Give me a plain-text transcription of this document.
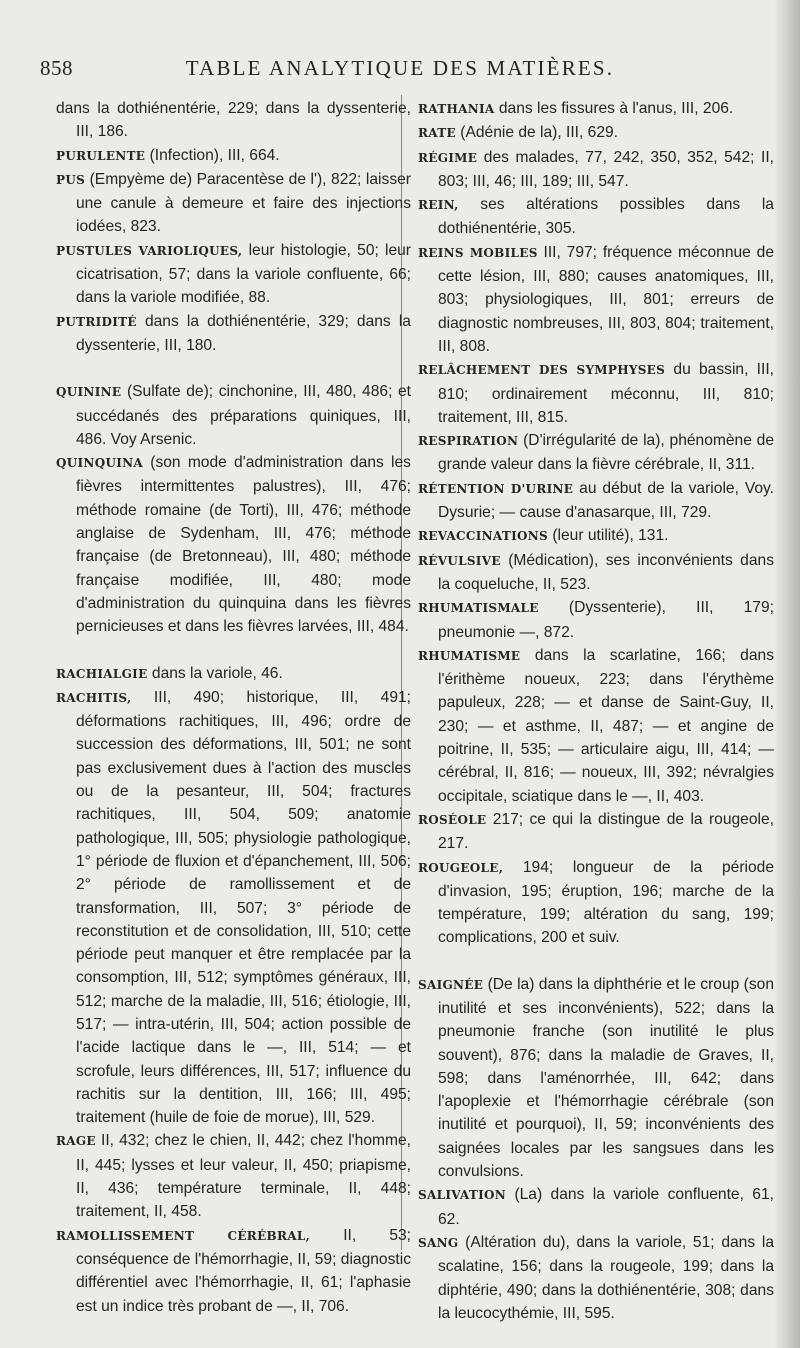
858	TABLE ANALYTIQUE DES MATIÈRES.

dans la dothiénentérie, 229; dans la dyssenterie, III, 186.

PURULENTE (Infection), III, 664.

PUS (Empyème de) Paracentèse de l'), 822; laisser une canule à demeure et faire des injections iodées, 823.

PUSTULES VARIOLIQUES, leur histologie, 50; leur cicatrisation, 57; dans la variole confluente, 66; dans la variole modifiée, 88.

PUTRIDITÉ dans la dothiénentérie, 329; dans la dyssenterie, III, 180.

QUININE (Sulfate de); cinchonine, III, 480, 486; et succédanés des préparations quiniques, III, 486. Voy Arsenic.

QUINQUINA (son mode d'administration dans les fièvres intermittentes palustres), III, 476; méthode romaine (de Torti), III, 476; méthode anglaise de Sydenham, III, 476; méthode française (de Bretonneau), III, 480; méthode française modifiée, III, 480; mode d'administration du quinquina dans les fièvres pernicieuses et dans les fièvres larvées, III, 484.

RACHIALGIE dans la variole, 46.

RACHITIS, III, 490; historique, III, 491; déformations rachitiques, III, 496; ordre de succession des déformations, III, 501; ne sont pas exclusivement dues à l'action des muscles ou de la pesanteur, III, 504; fractures rachitiques, III, 504, 509; anatomie pathologique, III, 505; physiologie pathologique, 1° période de fluxion et d'épanchement, III, 506; 2° période de ramollissement et de transformation, III, 507; 3° période de reconstitution et de consolidation, III, 510; cette période peut manquer et être remplacée par la consomption, III, 512; symptômes généraux, III, 512; marche de la maladie, III, 516; étiologie, III, 517; — intra-utérin, III, 504; action possible de l'acide lactique dans le —, III, 514; — et scrofule, leurs différences, III, 517; influence du rachitis sur la dentition, III, 166; III, 495; traitement (huile de foie de morue), III, 529.

RAGE II, 432; chez le chien, II, 442; chez l'homme, II, 445; lysses et leur valeur, II, 450; priapisme, II, 436; température terminale, II, 448; traitement, II, 458.

RAMOLLISSEMENT CÉRÉBRAL, II, 53; conséquence de l'hémorrhagie, II, 59; diagnostic différentiel avec l'hémorrhagie, II, 61; l'aphasie est un indice très probant de —, II, 706.

RATHANIA dans les fissures à l'anus, III, 206.

RATE (Adénie de la), III, 629.

RÉGIME des malades, 77, 242, 350, 352, 542; II, 803; III, 46; III, 189; III, 547.

REIN, ses altérations possibles dans la dothiénentérie, 305.

REINS MOBILES III, 797; fréquence méconnue de cette lésion, III, 880; causes anatomiques, III, 803; physiologiques, III, 801; erreurs de diagnostic nombreuses, III, 803, 804; traitement, III, 808.

RELÂCHEMENT DES SYMPHYSES du bassin, III, 810; ordinairement méconnu, III, 810; traitement, III, 815.

RESPIRATION (D'irrégularité de la), phénomène de grande valeur dans la fièvre cérébrale, II, 311.

RÉTENTION D'URINE au début de la variole, Voy. Dysurie; — cause d'anasarque, III, 729.

REVACCINATIONS (leur utilité), 131.

RÉVULSIVE (Médication), ses inconvénients dans la coqueluche, II, 523.

RHUMATISMALE (Dyssenterie), III, 179; pneumonie —, 872.

RHUMATISME dans la scarlatine, 166; dans l'érithème noueux, 223; dans l'érythème papuleux, 228; — et danse de Saint-Guy, II, 230; — et asthme, II, 487; — et angine de poitrine, II, 535; — articulaire aigu, III, 414; — cérébral, II, 816; — noueux, III, 392; névralgies occipitale, sciatique dans le —, II, 403.

ROSÉOLE 217; ce qui la distingue de la rougeole, 217.

ROUGEOLE, 194; longueur de la période d'invasion, 195; éruption, 196; marche de la température, 199; altération du sang, 199; complications, 200 et suiv.

SAIGNÉE (De la) dans la diphthérie et le croup (son inutilité et ses inconvénients), 522; dans la pneumonie franche (son inutilité le plus souvent), 876; dans la maladie de Graves, II, 598; dans l'aménorrhée, III, 642; dans l'apoplexie et l'hémorrhagie cérébrale (son inutilité et pourquoi), II, 59; inconvénients des saignées locales par les sangsues dans les convulsions.

SALIVATION (La) dans la variole confluente, 61, 62.

SANG (Altération du), dans la variole, 51; dans la scalatine, 156; dans la rougeole, 199; dans la diphtérie, 490; dans la dothiénentérie, 308; dans la leucocythémie, III, 595.
